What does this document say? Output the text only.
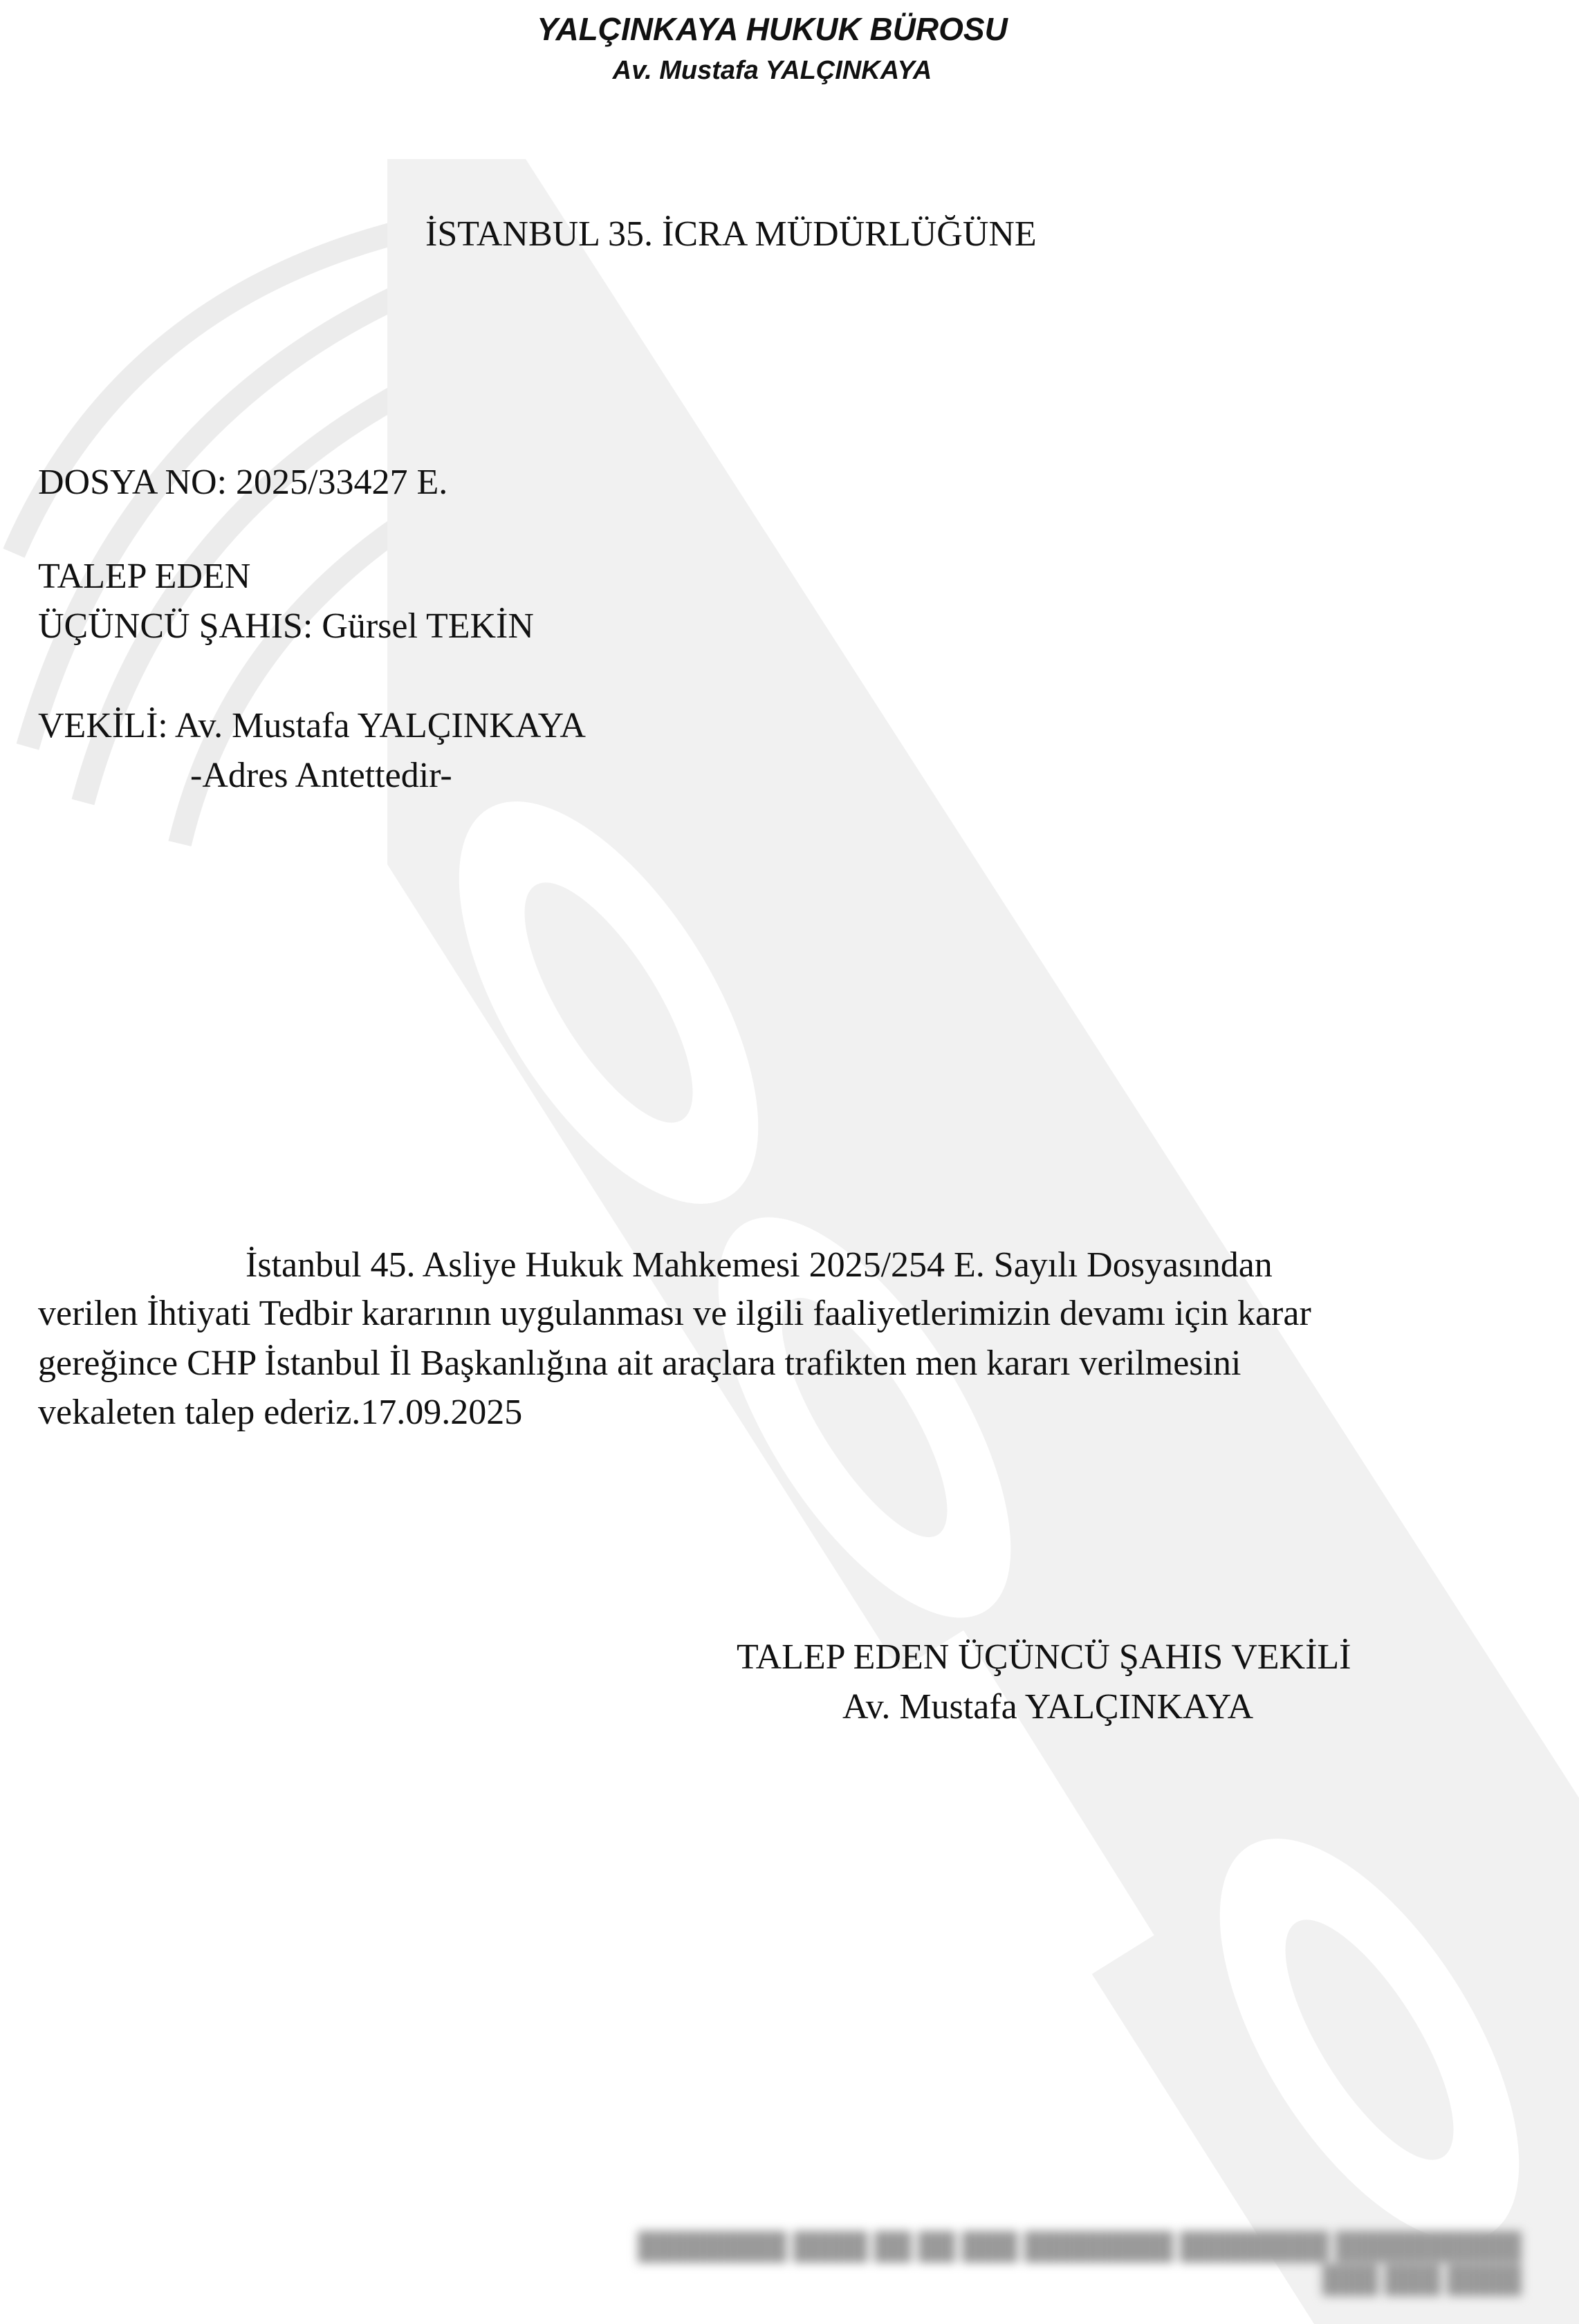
YALÇINKAYA HUKUK BÜROSU
Av. Mustafa YALÇINKAYA
İSTANBUL 35. İCRA MÜDÜRLÜĞÜNE
DOSYA NO: 2025/33427 E.
TALEP EDEN
ÜÇÜNCÜ ŞAHIS: Gürsel TEKİN
VEKİLİ: Av. Mustafa YALÇINKAYA
-Adres Antettedir-
İstanbul 45. Asliye Hukuk Mahkemesi 2025/254 E. Sayılı Dosyasından
verilen İhtiyati Tedbir kararının uygulanması ve ilgili faaliyetlerimizin devamı için karar
gereğince CHP İstanbul İl Başkanlığına ait araçlara trafikten men kararı verilmesini
vekaleten talep ederiz.17.09.2025
TALEP EDEN ÜÇÜNCÜ ŞAHIS VEKİLİ
Av. Mustafa YALÇINKAYA
████████ ████ ██ ██ ███ ████████ ████████ ██████████
███ ███ ████
